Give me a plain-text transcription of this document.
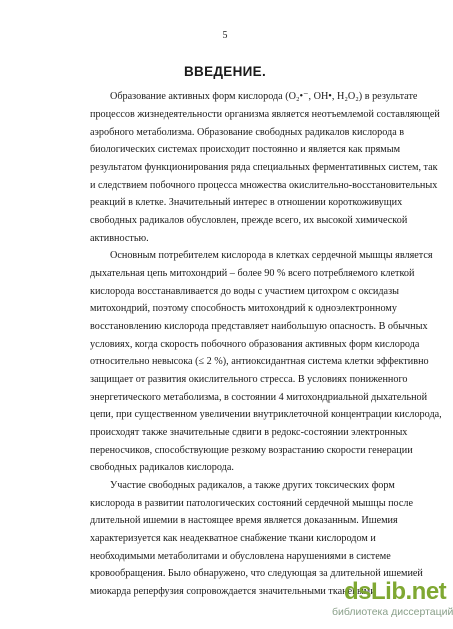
5
ВВЕДЕНИЕ.
Образование активных форм кислорода (O₂•⁻, OH•, H₂O₂) в результате
процессов жизнедеятельности организма является неотъемлемой составляющей
аэробного метаболизма. Образование свободных радикалов кислорода в
биологических системах происходит постоянно и является как прямым
результатом функционирования ряда специальных ферментативных систем, так
и следствием побочного процесса множества окислительно-восстановительных
реакций в клетке. Значительный интерес в отношении короткоживущих
свободных радикалов обусловлен, прежде всего, их высокой химической
активностью.
Основным потребителем кислорода в клетках сердечной мышцы является
дыхательная цепь митохондрий – более 90 % всего потребляемого клеткой
кислорода восстанавливается до воды с участием цитохром c оксидазы
митохондрий, поэтому способность митохондрий к одноэлектронному
восстановлению кислорода представляет наибольшую опасность. В обычных
условиях, когда скорость побочного образования активных форм кислорода
относительно невысока (≤ 2 %), антиоксидантная система клетки эффективно
защищает от развития окислительного стресса. В условиях пониженного
энергетического метаболизма, в состоянии 4 митохондриальной дыхательной
цепи, при существенном увеличении внутриклеточной концентрации кислорода,
происходят также значительные сдвиги в редокс-состоянии электронных
переносчиков, способствующие резкому возрастанию скорости генерации
свободных радикалов кислорода.
Участие свободных радикалов, а также других токсических форм
кислорода в развитии патологических состояний сердечной мышцы после
длительной ишемии в настоящее время является доказанным. Ишемия
характеризуется как неадекватное снабжение ткани кислородом и
необходимыми метаболитами и обусловлена нарушениями в системе
кровообращения. Было обнаружено, что следующая за длительной ишемией
миокарда реперфузия сопровождается значительными тканевыми
dsLib.net
библиотека диссертаций
